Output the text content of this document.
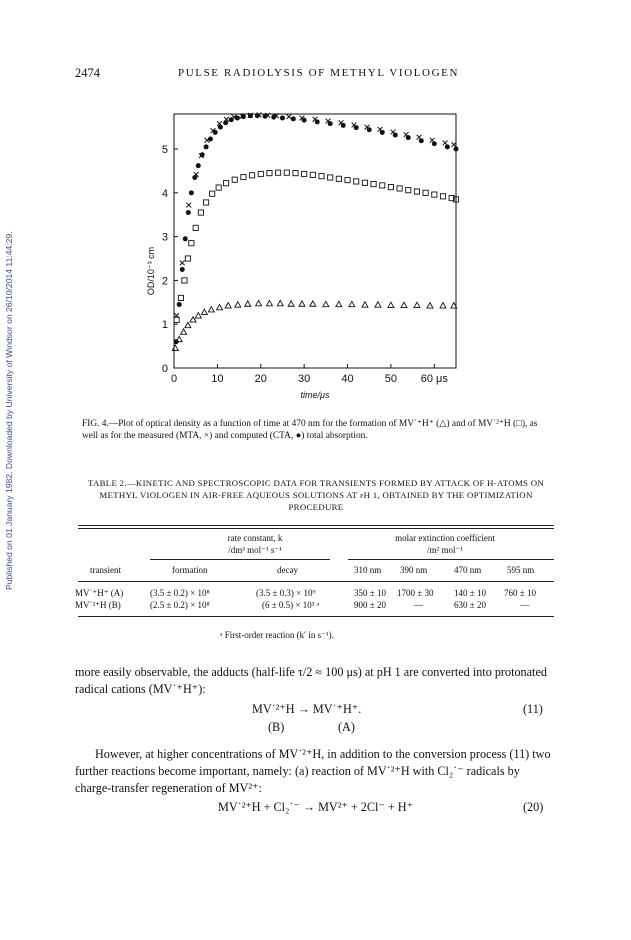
Published on 01 January 1982. Downloaded by University of Windsor on 26/10/2014 11:44:29.
2474	PULSE RADIOLYSIS OF METHYL VIOLOGEN
0	10	20	30	40	50 60 μs
0
1
2
3
4
5
time/μs
OD/10⁻³ cm
FIG. 4.—Plot of optical density as a function of time at 470 nm for the formation of MV˙⁺H⁺ (△) and of MV˙²⁺H (□), as well as for the measured (MTA, ×) and computed (CTA, ●) total absorption.
TABLE 2.—KINETIC AND SPECTROSCOPIC DATA FOR TRANSIENTS FORMED BY ATTACK OF H-ATOMS ON METHYL VIOLOGEN IN AIR-FREE AQUEOUS SOLUTIONS AT pH 1, OBTAINED BY THE OPTIMIZATION PROCEDURE
rate constant, k
/dm³ mol⁻¹ s⁻¹
molar extinction coefficient
/m² mol⁻¹
transient	formation	decay	310 nm 390 nm	470 nm	595 nm
MV˙⁺H⁺ (A)	(3.5 ± 0.2) × 10⁸	(3.5 ± 0.3) × 10⁹	350 ± 10 1700 ± 30 140 ± 10 760 ± 10
MV˙²⁺H (B)	(2.5 ± 0.2) × 10⁸	(6 ± 0.5) × 10³ ᵃ	900 ± 20	—	630 ± 20	—
ᵃ First-order reaction (k′ in s⁻¹).
more easily observable, the adducts (half-life τ/2 ≈ 100 μs) at pH 1 are converted into protonated radical cations (MV˙⁺H⁺):
MV˙²⁺H → MV˙⁺H⁺.
(B)	(A)
(11)
However, at higher concentrations of MV˙²⁺H, in addition to the conversion process (11) two further reactions become important, namely: (a) reaction of MV˙²⁺H with Cl₂˙⁻ radicals by charge-transfer regeneration of MV²⁺:
MV˙²⁺H + Cl₂˙⁻ → MV²⁺ + 2Cl⁻ + H⁺	(20)
